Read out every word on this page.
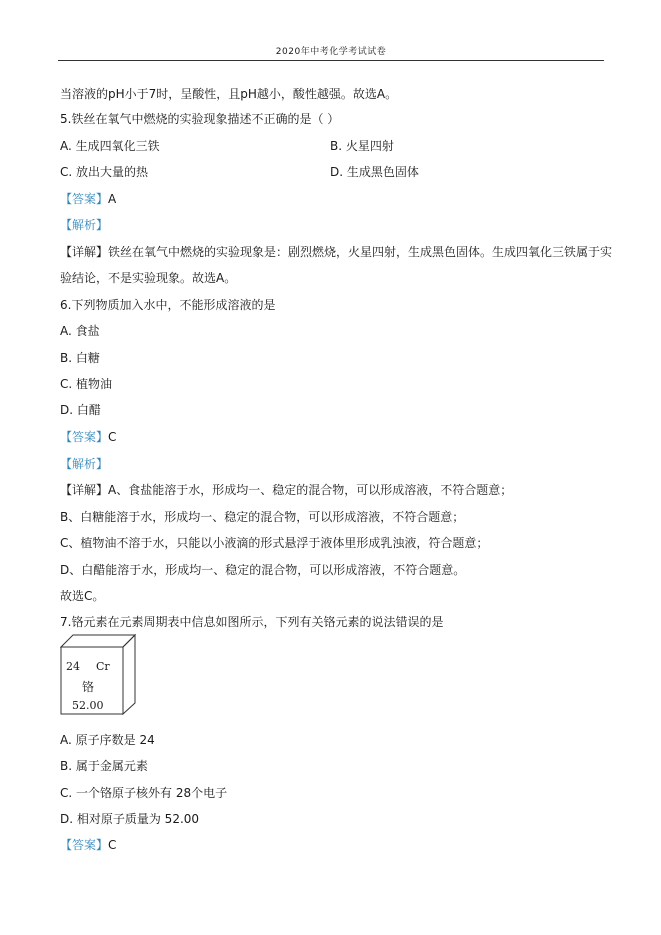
2020年中考化学考试试卷
当溶液的pH小于7时，呈酸性，且pH越小，酸性越强。故选A。
5.铁丝在氧气中燃烧的实验现象描述不正确的是（ ）
A. 生成四氧化三铁	B. 火星四射
C. 放出大量的热	D. 生成黑色固体
【答案】A
【解析】
【详解】铁丝在氧气中燃烧的实验现象是：剧烈燃烧，火星四射，生成黑色固体。生成四氧化三铁属于实
验结论，不是实验现象。故选A。
6.下列物质加入水中，不能形成溶液的是
A. 食盐
B. 白糖
C. 植物油
D. 白醋
【答案】C
【解析】
【详解】A、食盐能溶于水，形成均一、稳定的混合物，可以形成溶液，不符合题意；
B、白糖能溶于水，形成均一、稳定的混合物，可以形成溶液，不符合题意；
C、植物油不溶于水，只能以小液滴的形式悬浮于液体里形成乳浊液，符合题意；
D、白醋能溶于水，形成均一、稳定的混合物，可以形成溶液，不符合题意。
故选C。
7.铬元素在元素周期表中信息如图所示，下列有关铬元素的说法错误的是
24 Cr
铬
52.00
A. 原子序数是 24
B. 属于金属元素
C. 一个铬原子核外有 28个电子
D. 相对原子质量为 52.00
【答案】C
